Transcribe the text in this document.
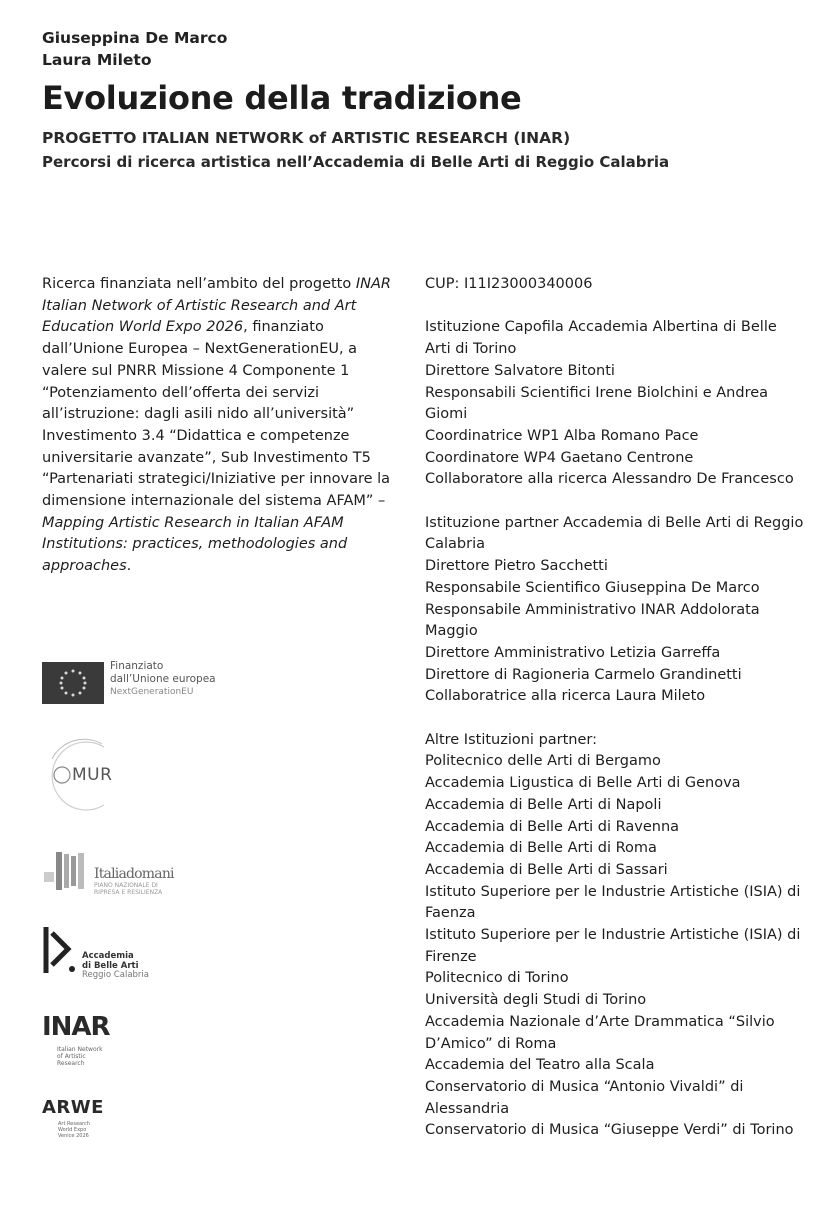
Giuseppina De Marco
Laura Mileto
Evoluzione della tradizione
PROGETTO ITALIAN NETWORK of ARTISTIC RESEARCH (INAR)
Percorsi di ricerca artistica nell’Accademia di Belle Arti di Reggio Calabria
Ricerca finanziata nell’ambito del progetto INAR Italian Network of Artistic Research and Art Education World Expo 2026, finanziato dall’Unione Europea – NextGenerationEU, a valere sul PNRR Missione 4 Componente 1 “Potenziamento dell’offerta dei servizi all’istruzione: dagli asili nido all’università” Investimento 3.4 “Didattica e competenze universitarie avanzate”, Sub Investimento T5 “Partenariati strategici/Iniziative per innovare la dimensione internazionale del sistema AFAM” – Mapping Artistic Research in Italian AFAM Institutions: practices, methodologies and approaches.
Finanziato
dall’Unione europea
NextGenerationEU
MUR
Italiadomani
PIANO NAZIONALE DI RIPRESA E RESILIENZA
Accademia
di Belle Arti
Reggio Calabria
INAR
Italian Network
of Artistic
Research
ARWE
Art Research
World Expo
Venice 2026
CUP: I11I23000340006
Istituzione Capofila Accademia Albertina di Belle Arti di Torino
Direttore Salvatore Bitonti
Responsabili Scientifici Irene Biolchini e Andrea Giomi
Coordinatrice WP1 Alba Romano Pace
Coordinatore WP4 Gaetano Centrone
Collaboratore alla ricerca Alessandro De Francesco
Istituzione partner Accademia di Belle Arti di Reggio Calabria
Direttore Pietro Sacchetti
Responsabile Scientifico Giuseppina De Marco
Responsabile Amministrativo INAR Addolorata Maggio
Direttore Amministrativo Letizia Garreffa
Direttore di Ragioneria Carmelo Grandinetti
Collaboratrice alla ricerca Laura Mileto
Altre Istituzioni partner:
Politecnico delle Arti di Bergamo
Accademia Ligustica di Belle Arti di Genova
Accademia di Belle Arti di Napoli
Accademia di Belle Arti di Ravenna
Accademia di Belle Arti di Roma
Accademia di Belle Arti di Sassari
Istituto Superiore per le Industrie Artistiche (ISIA) di Faenza
Istituto Superiore per le Industrie Artistiche (ISIA) di Firenze
Politecnico di Torino
Università degli Studi di Torino
Accademia Nazionale d’Arte Drammatica “Silvio D’Amico” di Roma
Accademia del Teatro alla Scala
Conservatorio di Musica “Antonio Vivaldi” di Alessandria
Conservatorio di Musica “Giuseppe Verdi” di Torino
